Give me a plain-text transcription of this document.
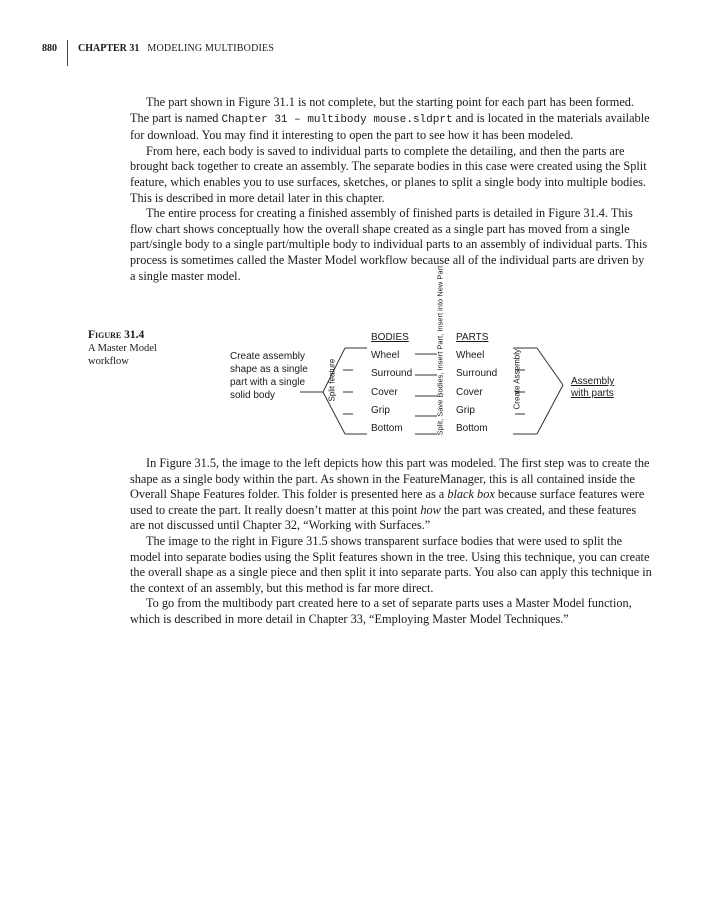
880 CHAPTER 31 MODELING MULTIBODIES

The part shown in Figure 31.1 is not complete, but the starting point for each part has been formed. The part is named Chapter 31 – multibody mouse.sldprt and is located in the materials available for download. You may find it interesting to open the part to see how it has been modeled.

From here, each body is saved to individual parts to complete the detailing, and then the parts are brought back together to create an assembly. The separate bodies in this case were created using the Split feature, which enables you to use surfaces, sketches, or planes to split a single body into multiple bodies. This is described in more detail later in this chapter.

The entire process for creating a finished assembly of finished parts is detailed in Figure 31.4. This flow chart shows conceptually how the overall shape created as a single part has moved from a single part/single body to a single part/multiple body to individual parts to an assembly of individual parts. This process is sometimes called the Master Model workflow because all of the individual parts are driven by a single master model.

Figure 31.4
A Master Model workflow	Create assembly shape as a single part with a single solid body	Split feature
BODIES
Wheel
Surround
Cover
Grip
Bottom	Split, Save Bodies, Insert Part, Insert into New Part PARTS
Wheel
Surround
Cover
Grip
Bottom
Create Assembly	Assembly with parts

In Figure 31.5, the image to the left depicts how this part was modeled. The first step was to create the shape as a single body within the part. As shown in the FeatureManager, this is all contained inside the Overall Shape Features folder. This folder is presented here as a black box because surface features were used to create the part. It really doesn’t matter at this point how the part was created, and these features are not discussed until Chapter 32, “Working with Surfaces.”

The image to the right in Figure 31.5 shows transparent surface bodies that were used to split the model into separate bodies using the Split features shown in the tree. Using this technique, you can create the overall shape as a single piece and then split it into separate parts. You also can apply this technique in the context of an assembly, but this method is far more direct.

To go from the multibody part created here to a set of separate parts uses a Master Model function, which is described in more detail in Chapter 33, “Employing Master Model Techniques.”
